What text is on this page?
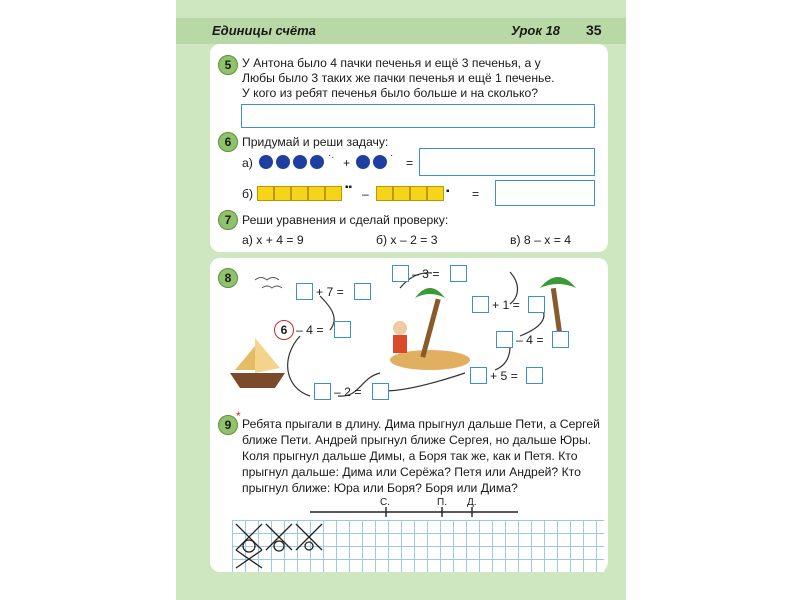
Единицы счёта	Урок 18 35
5 У Антона было 4 пачки печенья и ещё 3 печенья, а у
Любы было 3 таких же пачки печенья и ещё 1 печенье.
У кого из ребят печенья было больше и на сколько?
6 Придумай и реши задачу:
а)
·.
+
·
=
б)	▪▪ –	▪ =
7 Реши уравнения и сделай проверку:
а) x + 4 = 9	б) x – 2 = 3	в) 8 – x = 4
8
6 – 4 =
+ 7 =
– 3 =
+ 1 =
– 4 =
+ 5 =
– 2 =
9
*
Ребята прыгали в длину. Дима прыгнул дальше Пети, а Сергей
ближе Пети. Андрей прыгнул ближе Сергея, но дальше Юры.
Коля прыгнул дальше Димы, а Боря так же, как и Петя. Кто
прыгнул дальше: Дима или Серёжа? Петя или Андрей? Кто
прыгнул ближе: Юра или Боря? Боря или Дима?
С.	П. Д.
